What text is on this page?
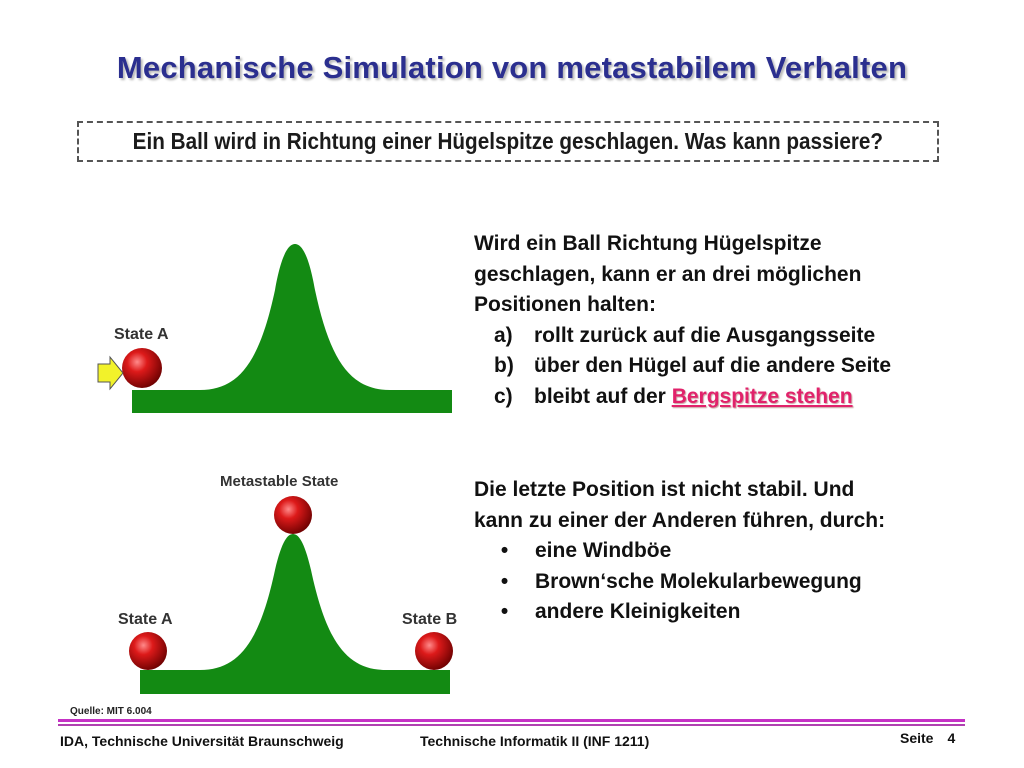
Mechanische Simulation von metastabilem Verhalten
Ein Ball wird in Richtung einer Hügelspitze geschlagen. Was kann passiere?
State A
Metastable State
State A	State B
Wird ein Ball Richtung Hügelspitze
geschlagen, kann er an drei möglichen
Positionen halten:
a) rollt zurück auf die Ausgangsseite
b) über den Hügel auf die andere Seite
c) bleibt auf der Bergspitze stehen
Die letzte Position ist nicht stabil. Und
kann zu einer der Anderen führen, durch:
•	eine Windböe
•	Brown‘sche Molekularbewegung
•	andere Kleinigkeiten
Quelle: MIT 6.004
IDA, Technische Universität Braunschweig	Technische Informatik II (INF 1211)	Seite 4
